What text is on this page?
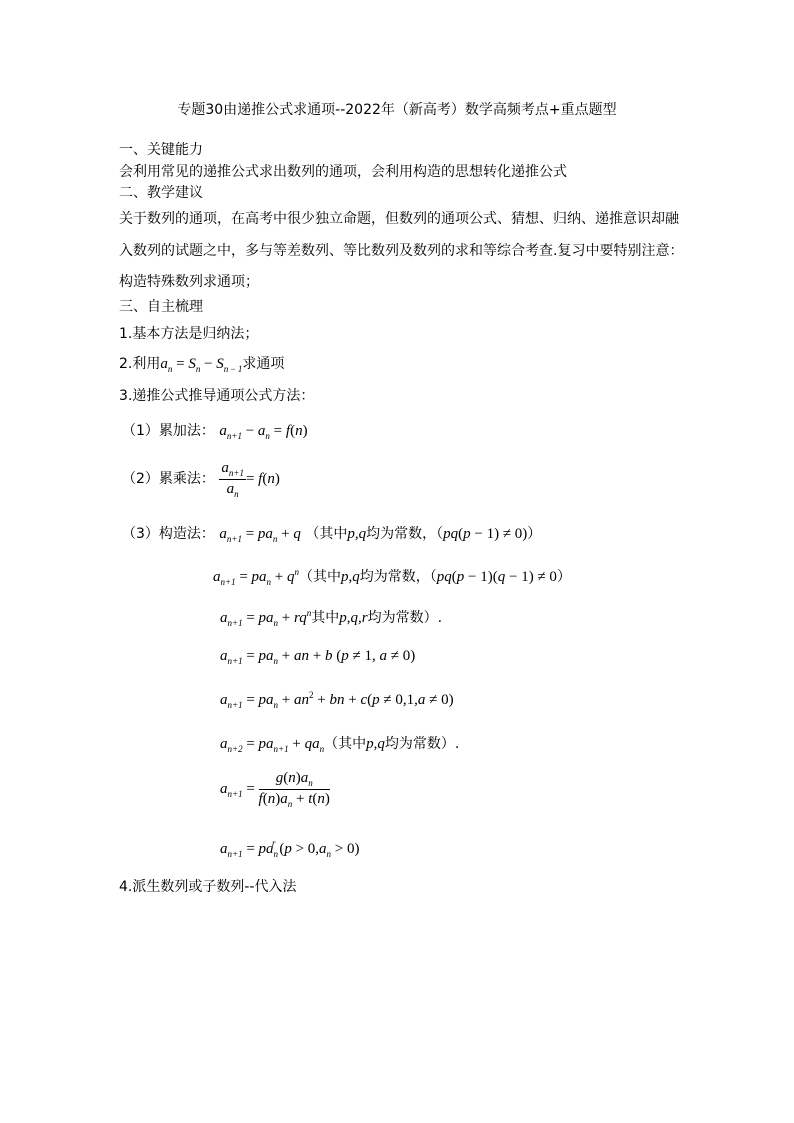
专题30由递推公式求通项--2022年（新高考）数学高频考点+重点题型
一、关键能力
会利用常见的递推公式求出数列的通项，会利用构造的思想转化递推公式
二、教学建议
关于数列的通项，在高考中很少独立命题，但数列的通项公式、猜想、归纳、递推意识却融
入数列的试题之中，多与等差数列、等比数列及数列的求和等综合考查.复习中要特别注意：
构造特殊数列求通项；
三、自主梳理
1.基本方法是归纳法；
2.利用$a_n = S_n - S_{n - 1}$求通项
3.递推公式推导通项公式方法：
（1）累加法： $a_{n+1} - a_n = f(n)$
（2）累乘法： $\frac{a_{n+1}}{a_n} = f(n)$
（3）构造法： $a_{n+1} = pa_n + q$ （其中p,q均为常数，（pq(p − 1) ≠ 0)）
$a_{n+1} = pa_n + q^n$（其中p,q均为常数，（pq(p − 1)(q − 1) ≠ 0）
$a_{n+1} = pa_n + rq^n$其中p,q,r均为常数）.
$a_{n+1} = pa_n$ + an + b (p ≠ 1, a ≠ 0)
$a_{n+1} = pa_n + an^2$ + bn + c(p ≠ 0,1,a ≠ 0)
$a_{n+2} = pa_{n+1} + qa_n$（其中p,q均为常数）.
$a_{n+1} = \frac{g(n)a_n}{f(n)a_n + t(n)}$
$a_{n+1} = pa_n^r$ $(p > 0,a_n > 0)$
4.派生数列或子数列--代入法
